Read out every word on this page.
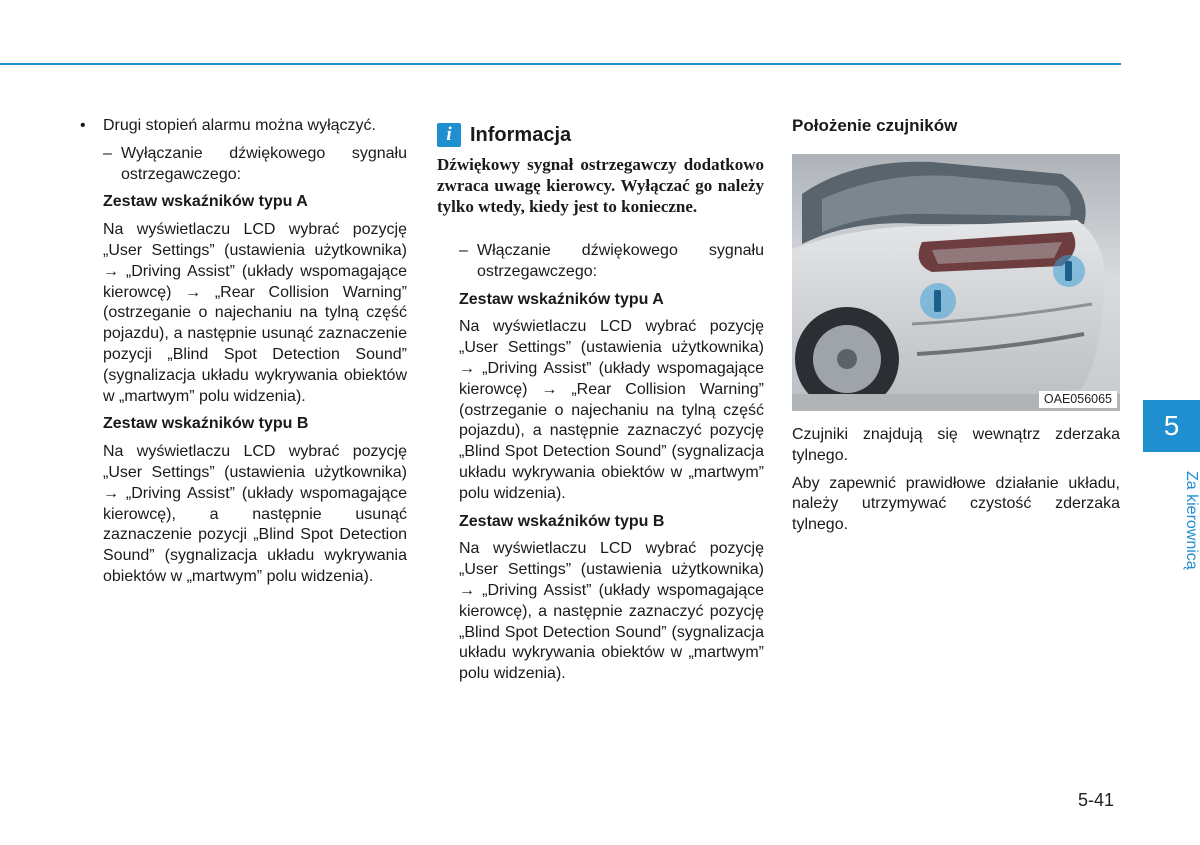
• Drugi stopień alarmu można wyłączyć.

– Wyłączanie dźwiękowego sygnału ostrzegawczego:

Zestaw wskaźników typu A

Na wyświetlaczu LCD wybrać pozycję „User Settings” (ustawienia użytkownika) → „Driving Assist” (układy wspomagające kierowcę) → „Rear Collision Warning” (ostrzeganie o najechaniu na tylną część pojazdu), a następnie usunąć zaznaczenie pozycji „Blind Spot Detection Sound” (sygnalizacja układu wykrywania obiektów w „martwym” polu widzenia).

Zestaw wskaźników typu B

Na wyświetlaczu LCD wybrać pozycję „User Settings” (ustawienia użytkownika) → „Driving Assist” (układy wspomagające kierowcę), a następnie usunąć zaznaczenie pozycji „Blind Spot Detection Sound” (sygnalizacja układu wykrywania obiektów w „martwym” polu widzenia).

i Informacja

Dźwiękowy sygnał ostrzegawczy dodatkowo zwraca uwagę kierowcy. Wyłączać go należy tylko wtedy, kiedy jest to konieczne.

– Włączanie dźwiękowego sygnału ostrzegawczego:

Zestaw wskaźników typu A

Na wyświetlaczu LCD wybrać pozycję „User Settings” (ustawienia użytkownika) → „Driving Assist” (układy wspomagające kierowcę) → „Rear Collision Warning” (ostrzeganie o najechaniu na tylną część pojazdu), a następnie zaznaczyć pozycję „Blind Spot Detection Sound” (sygnalizacja układu wykrywania obiektów w „martwym” polu widzenia).

Zestaw wskaźników typu B

Na wyświetlaczu LCD wybrać pozycję „User Settings” (ustawienia użytkownika) → „Driving Assist” (układy wspomagające kierowcę), a następnie zaznaczyć pozycję „Blind Spot Detection Sound” (sygnalizacja układu wykrywania obiektów w „martwym” polu widzenia).

Położenie czujników

OAE056065

Czujniki znajdują się wewnątrz zderzaka tylnego.

Aby zapewnić prawidłowe działanie układu, należy utrzymywać czystość zderzaka tylnego.

5
Za kierownicą
5-41
